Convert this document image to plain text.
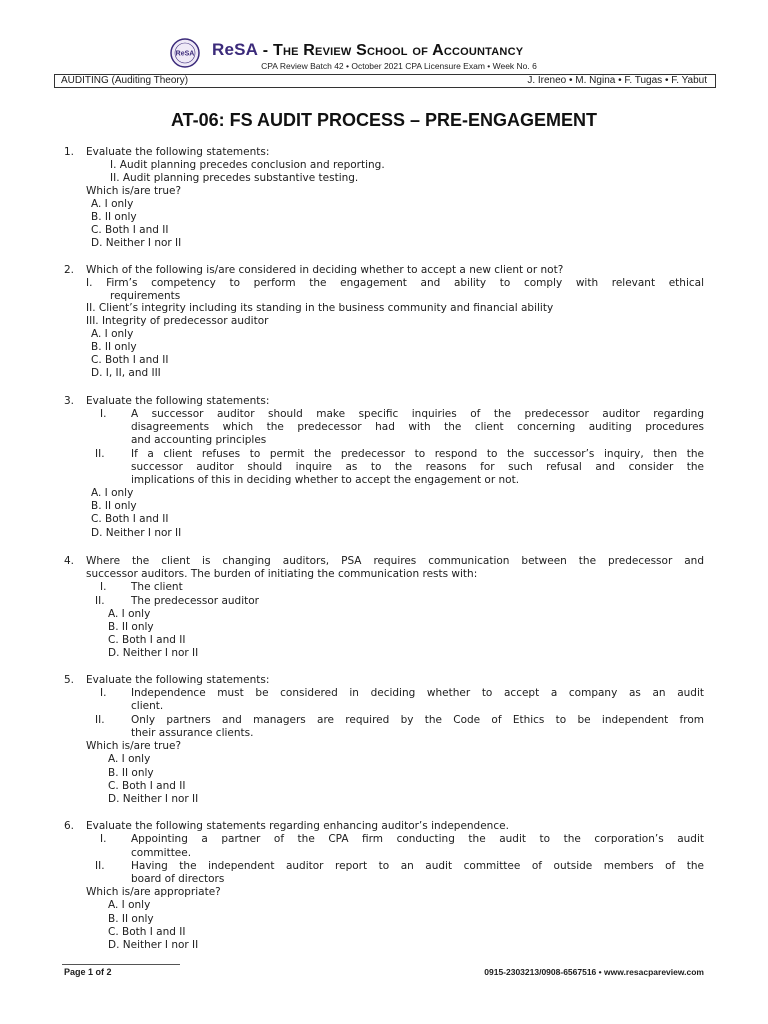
ReSA ReSA - The Review School of Accountancy
CPA Review Batch 42 • October 2021 CPA Licensure Exam • Week No. 6
AUDITING (Auditing Theory)	J. Ireneo • M. Ngina • F. Tugas • F. Yabut
AT-06: FS AUDIT PROCESS – PRE-ENGAGEMENT
1. Evaluate the following statements:
I. Audit planning precedes conclusion and reporting.
II. Audit planning precedes substantive testing.
Which is/are true?
A. I only
B. II only
C. Both I and II
D. Neither I nor II
2. Which of the following is/are considered in deciding whether to accept a new client or not?
I. Firm’s competency to perform the engagement and ability to comply with relevant ethical
requirements
II. Client’s integrity including its standing in the business community and financial ability
III. Integrity of predecessor auditor
A. I only
B. II only
C. Both I and II
D. I, II, and III
3. Evaluate the following statements:
I. A successor auditor should make specific inquiries of the predecessor auditor regarding
disagreements which the predecessor had with the client concerning auditing procedures
and accounting principles
II.	If a client refuses to permit the predecessor to respond to the successor’s inquiry, then the
successor auditor should inquire as to the reasons for such refusal and consider the
implications of this in deciding whether to accept the engagement or not.
A. I only
B. II only
C. Both I and II
D. Neither I nor II
4. Where the client is changing auditors, PSA requires communication between the predecessor and
successor auditors. The burden of initiating the communication rests with:
I. The client
II.	The predecessor auditor
A. I only
B. II only
C. Both I and II
D. Neither I nor II
5. Evaluate the following statements:
I. Independence must be considered in deciding whether to accept a company as an audit
client.
II.	Only partners and managers are required by the Code of Ethics to be independent from
their assurance clients.
Which is/are true?
A. I only
B. II only
C. Both I and II
D. Neither I nor II
6. Evaluate the following statements regarding enhancing auditor’s independence.
I. Appointing a partner of the CPA firm conducting the audit to the corporation’s audit
committee.
II.	Having the independent auditor report to an audit committee of outside members of the
board of directors
Which is/are appropriate?
A. I only
B. II only
C. Both I and II
D. Neither I nor II
Page 1 of 2	0915-2303213/0908-6567516 • www.resacpareview.com
